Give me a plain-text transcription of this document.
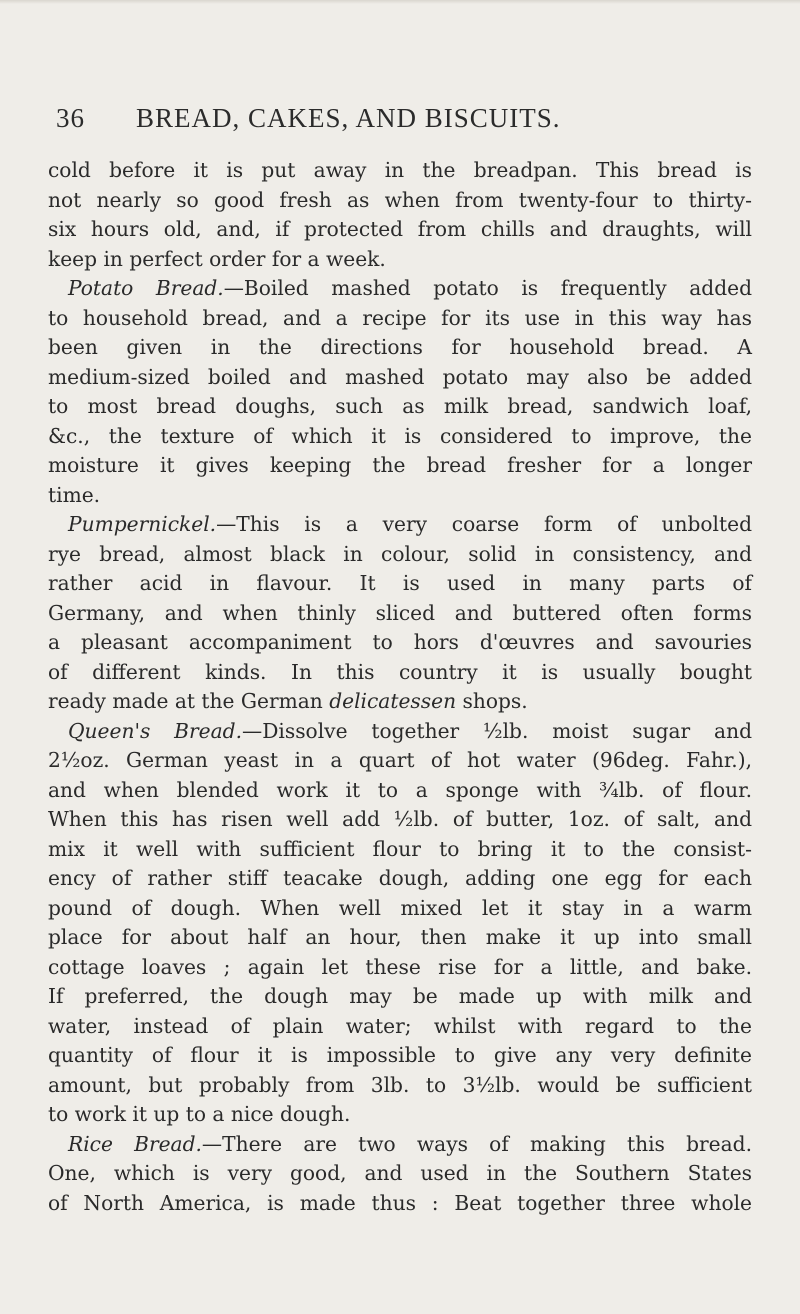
36 BREAD, CAKES, AND BISCUITS.
cold before it is put away in the breadpan. This bread is
not nearly so good fresh as when from twenty-four to thirty-
six hours old, and, if protected from chills and draughts, will
keep in perfect order for a week.
Potato Bread.—Boiled mashed potato is frequently added
to household bread, and a recipe for its use in this way has
been given in the directions for household bread. A
medium-sized boiled and mashed potato may also be added
to most bread doughs, such as milk bread, sandwich loaf,
&c., the texture of which it is considered to improve, the
moisture it gives keeping the bread fresher for a longer
time.
Pumpernickel.—This is a very coarse form of unbolted
rye bread, almost black in colour, solid in consistency, and
rather acid in flavour. It is used in many parts of
Germany, and when thinly sliced and buttered often forms
a pleasant accompaniment to hors d'œuvres and savouries
of different kinds. In this country it is usually bought
ready made at the German delicatessen shops.
Queen's Bread.—Dissolve together ½lb. moist sugar and
2½oz. German yeast in a quart of hot water (96deg. Fahr.),
and when blended work it to a sponge with ¾lb. of flour.
When this has risen well add ½lb. of butter, 1oz. of salt, and
mix it well with sufficient flour to bring it to the consist-
ency of rather stiff teacake dough, adding one egg for each
pound of dough. When well mixed let it stay in a warm
place for about half an hour, then make it up into small
cottage loaves ; again let these rise for a little, and bake.
If preferred, the dough may be made up with milk and
water, instead of plain water; whilst with regard to the
quantity of flour it is impossible to give any very definite
amount, but probably from 3lb. to 3½lb. would be sufficient
to work it up to a nice dough.
Rice Bread.—There are two ways of making this bread.
One, which is very good, and used in the Southern States
of North America, is made thus : Beat together three whole
